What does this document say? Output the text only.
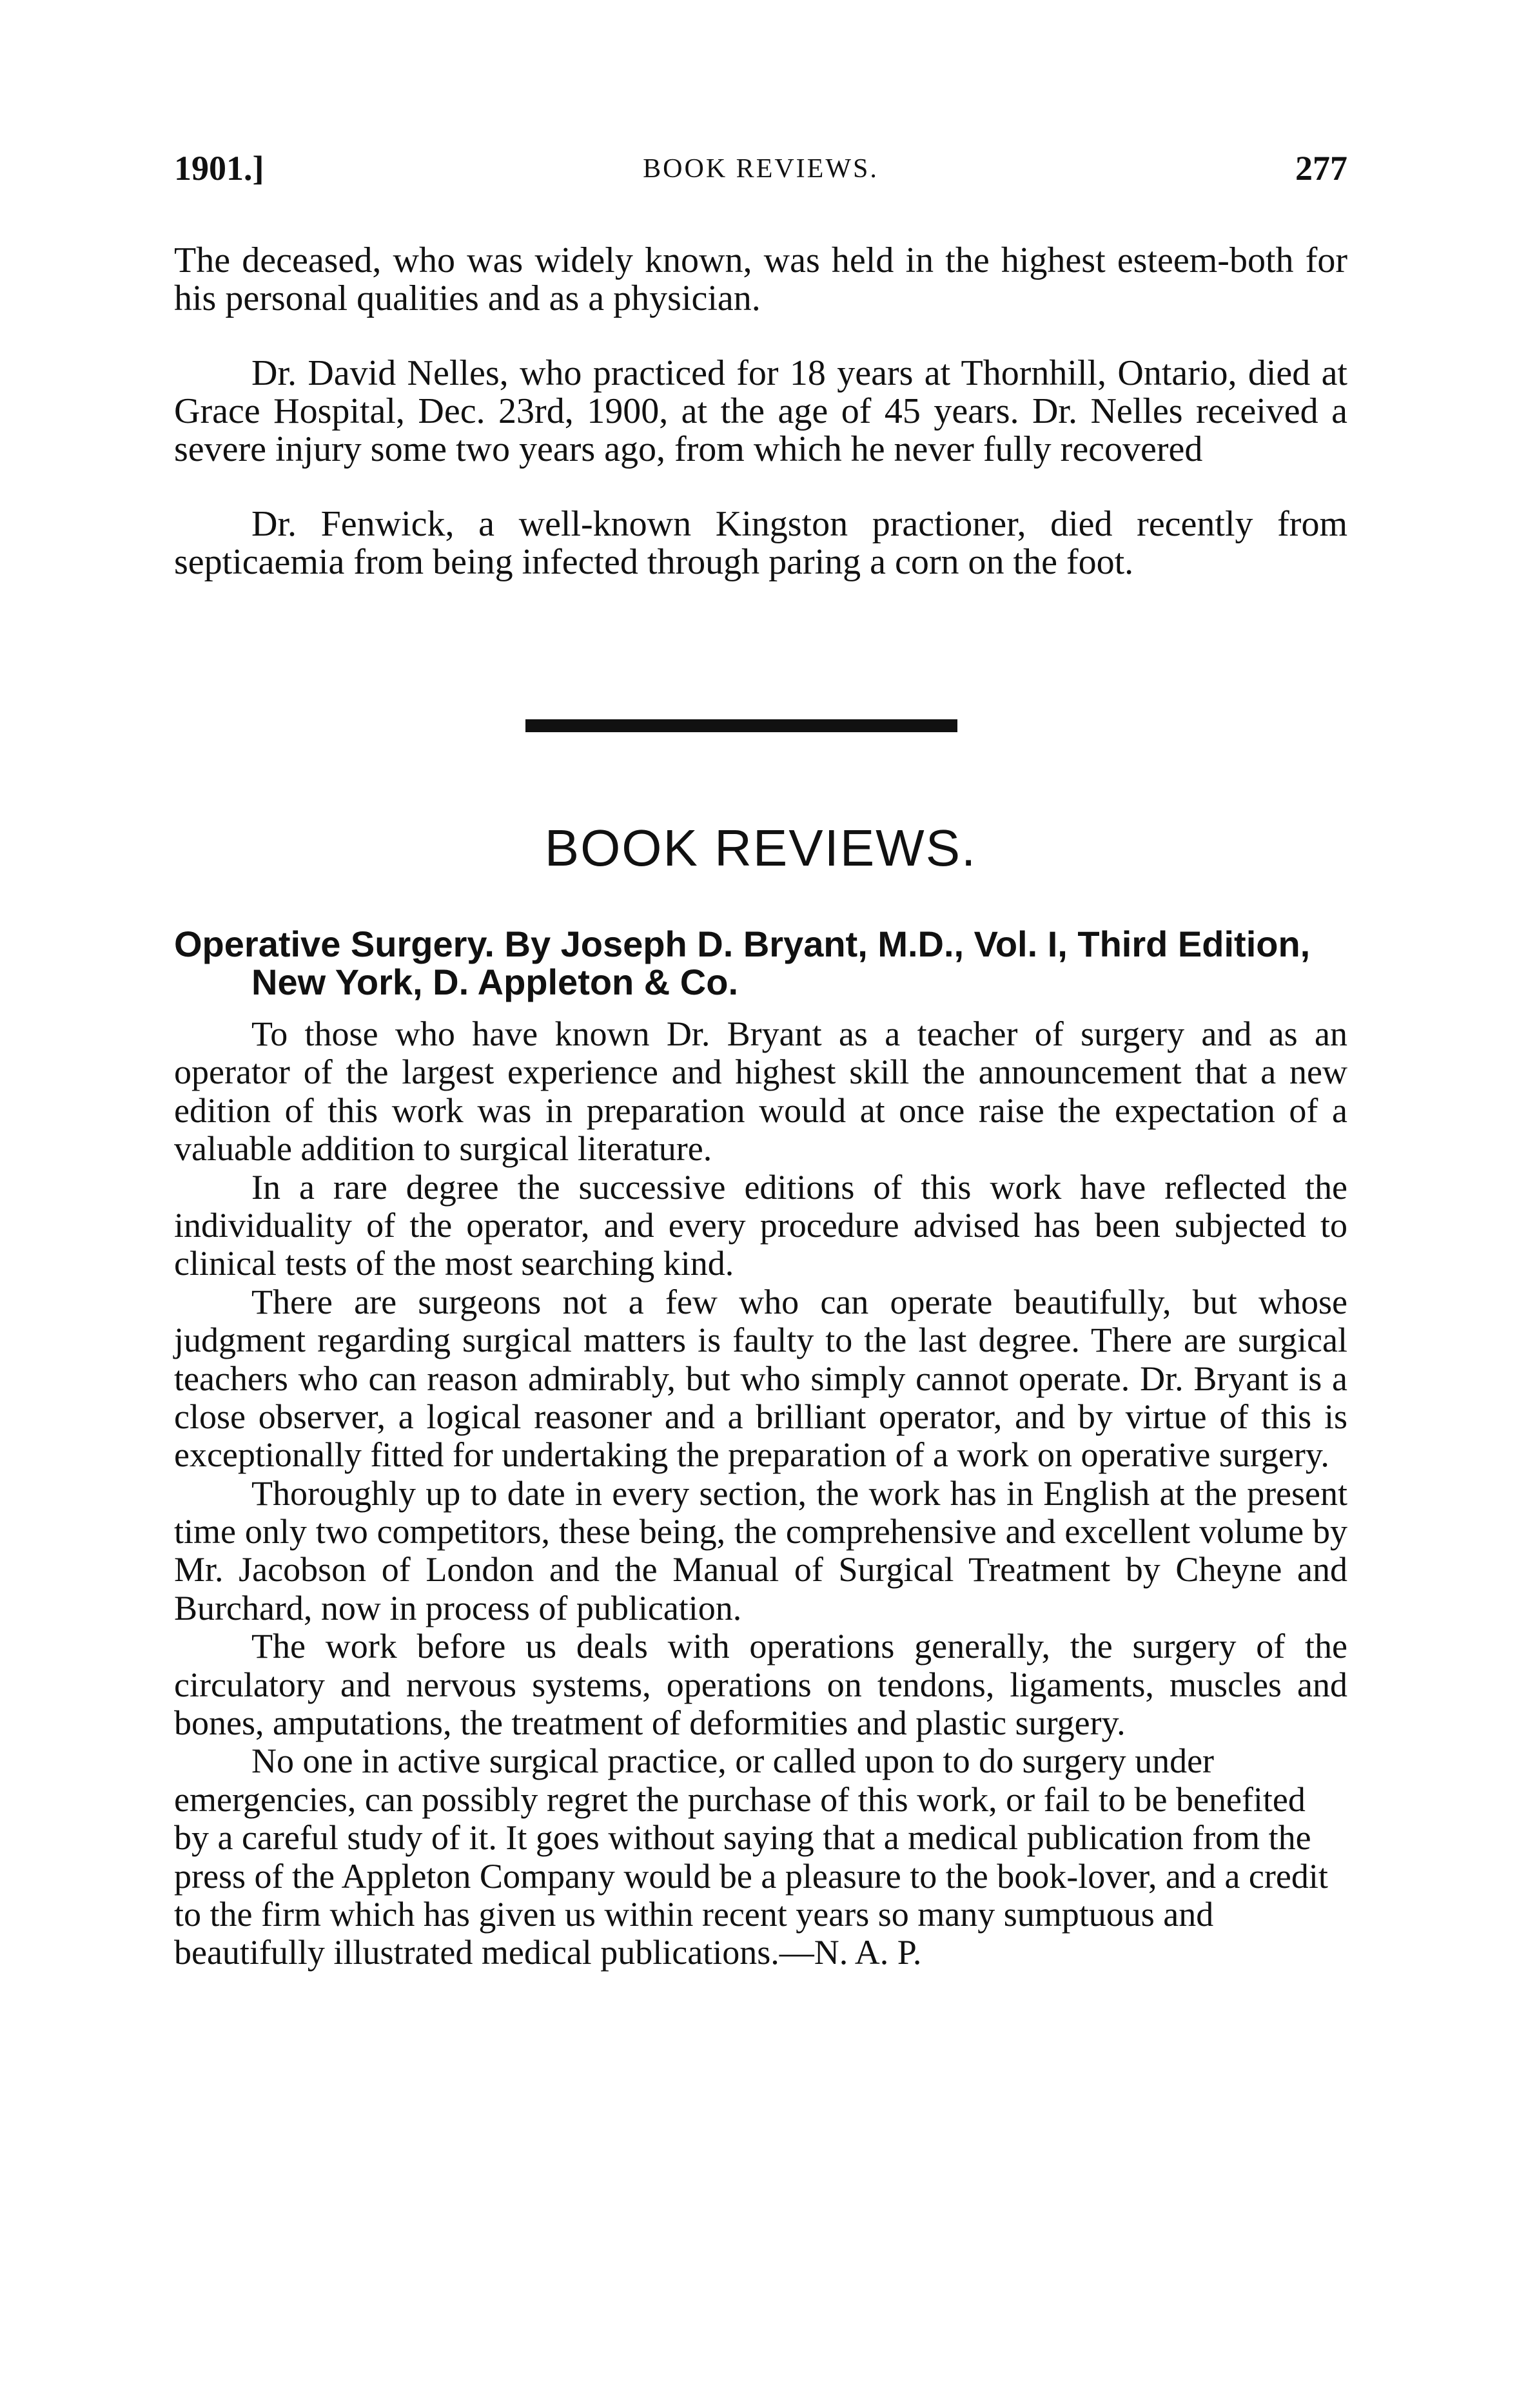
1901.]	BOOK REVIEWS.	277

The deceased, who was widely known, was held in the highest esteem-both for his personal qualities and as a physician.

Dr. David Nelles, who practiced for 18 years at Thornhill, Ontario, died at Grace Hospital, Dec. 23rd, 1900, at the age of 45 years. Dr. Nelles received a severe injury some two years ago, from which he never fully recovered

Dr. Fenwick, a well-known Kingston practioner, died recently from septicaemia from being infected through paring a corn on the foot.

BOOK REVIEWS.
Operative Surgery. By Joseph D. Bryant, M.D., Vol. I, Third Edition, New York, D. Appleton & Co.

To those who have known Dr. Bryant as a teacher of surgery and as an operator of the largest experience and highest skill the announcement that a new edition of this work was in preparation would at once raise the expectation of a valuable addition to surgical literature.

In a rare degree the successive editions of this work have reflected the individuality of the operator, and every procedure advised has been subjected to clinical tests of the most searching kind.

There are surgeons not a few who can operate beautifully, but whose judgment regarding surgical matters is faulty to the last degree. There are surgical teachers who can reason admirably, but who simply cannot operate. Dr. Bryant is a close observer, a logical reasoner and a brilliant operator, and by virtue of this is exceptionally fitted for undertaking the preparation of a work on operative surgery.

Thoroughly up to date in every section, the work has in English at the present time only two competitors, these being, the comprehensive and excellent volume by Mr. Jacobson of London and the Manual of Surgical Treatment by Cheyne and Burchard, now in process of publication.

The work before us deals with operations generally, the surgery of the circulatory and nervous systems, operations on tendons, ligaments, muscles and bones, amputations, the treatment of deformities and plastic surgery.

No one in active surgical practice, or called upon to do surgery under emergencies, can possibly regret the purchase of this work, or fail to be benefited by a careful study of it. It goes without saying that a medical publication from the press of the Appleton Company would be a pleasure to the book-lover, and a credit to the firm which has given us within recent years so many sumptuous and beautifully illustrated medical publications.—N. A. P.
